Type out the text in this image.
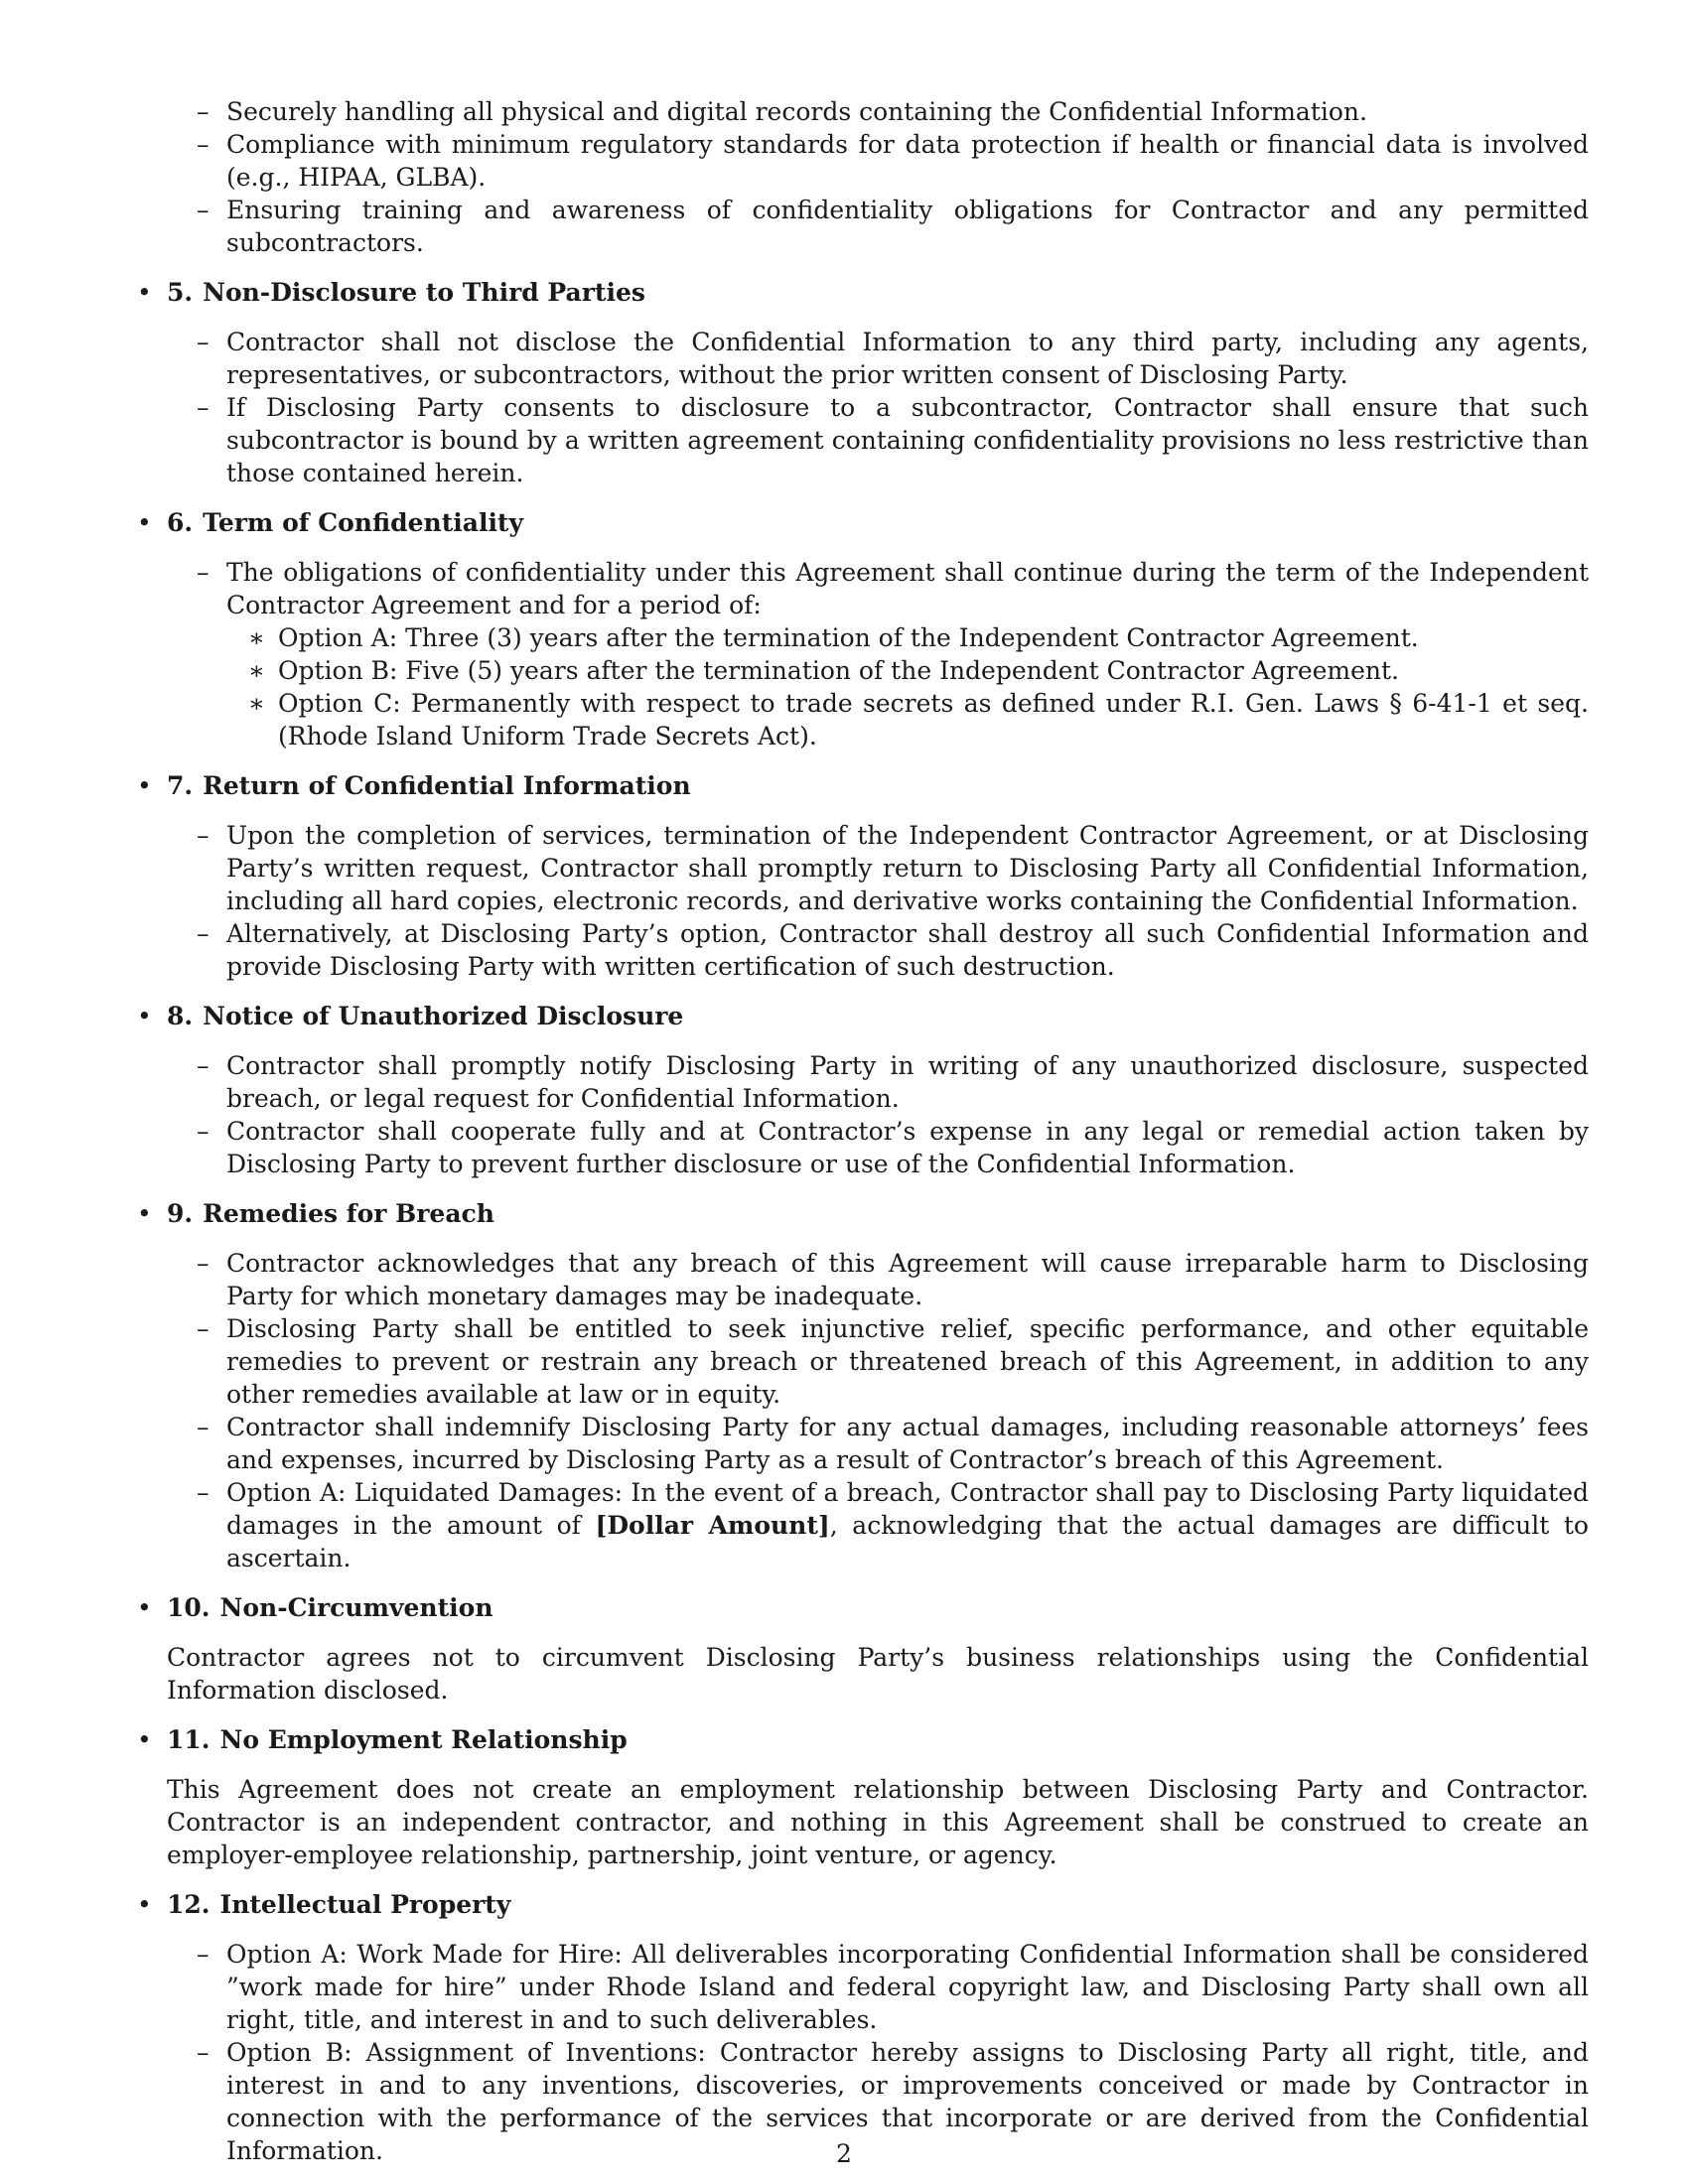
– Securely handling all physical and digital records containing the Confidential Information.
– Compliance with minimum regulatory standards for data protection if health or financial data is involved (e.g., HIPAA, GLBA).
– Ensuring training and awareness of confidentiality obligations for Contractor and any permitted subcontractors.
• 5. Non-Disclosure to Third Parties
– Contractor shall not disclose the Confidential Information to any third party, including any agents, representatives, or subcontractors, without the prior written consent of Disclosing Party.
– If Disclosing Party consents to disclosure to a subcontractor, Contractor shall ensure that such subcontractor is bound by a written agreement containing confidentiality provisions no less restrictive than those contained herein.
• 6. Term of Confidentiality
– The obligations of confidentiality under this Agreement shall continue during the term of the Independent Contractor Agreement and for a period of:
∗ Option A: Three (3) years after the termination of the Independent Contractor Agreement.
∗ Option B: Five (5) years after the termination of the Independent Contractor Agreement.
∗ Option C: Permanently with respect to trade secrets as defined under R.I. Gen. Laws § 6-41-1 et seq. (Rhode Island Uniform Trade Secrets Act).
• 7. Return of Confidential Information
– Upon the completion of services, termination of the Independent Contractor Agreement, or at Disclosing Party’s written request, Contractor shall promptly return to Disclosing Party all Confidential Information, including all hard copies, electronic records, and derivative works containing the Confidential Information.
– Alternatively, at Disclosing Party’s option, Contractor shall destroy all such Confidential Information and provide Disclosing Party with written certification of such destruction.
• 8. Notice of Unauthorized Disclosure
– Contractor shall promptly notify Disclosing Party in writing of any unauthorized disclosure, suspected breach, or legal request for Confidential Information.
– Contractor shall cooperate fully and at Contractor’s expense in any legal or remedial action taken by Disclosing Party to prevent further disclosure or use of the Confidential Information.
• 9. Remedies for Breach
– Contractor acknowledges that any breach of this Agreement will cause irreparable harm to Disclosing Party for which monetary damages may be inadequate.
– Disclosing Party shall be entitled to seek injunctive relief, specific performance, and other equitable remedies to prevent or restrain any breach or threatened breach of this Agreement, in addition to any other remedies available at law or in equity.
– Contractor shall indemnify Disclosing Party for any actual damages, including reasonable attorneys’ fees and expenses, incurred by Disclosing Party as a result of Contractor’s breach of this Agreement.
– Option A: Liquidated Damages: In the event of a breach, Contractor shall pay to Disclosing Party liquidated damages in the amount of [Dollar Amount], acknowledging that the actual damages are difficult to ascertain.
• 10. Non-Circumvention
Contractor agrees not to circumvent Disclosing Party’s business relationships using the Confidential Information disclosed.
• 11. No Employment Relationship
This Agreement does not create an employment relationship between Disclosing Party and Contractor. Contractor is an independent contractor, and nothing in this Agreement shall be construed to create an employer-employee relationship, partnership, joint venture, or agency.
• 12. Intellectual Property
– Option A: Work Made for Hire: All deliverables incorporating Confidential Information shall be considered ”work made for hire” under Rhode Island and federal copyright law, and Disclosing Party shall own all right, title, and interest in and to such deliverables.
– Option B: Assignment of Inventions: Contractor hereby assigns to Disclosing Party all right, title, and interest in and to any inventions, discoveries, or improvements conceived or made by Contractor in connection with the performance of the services that incorporate or are derived from the Confidential Information.	2
